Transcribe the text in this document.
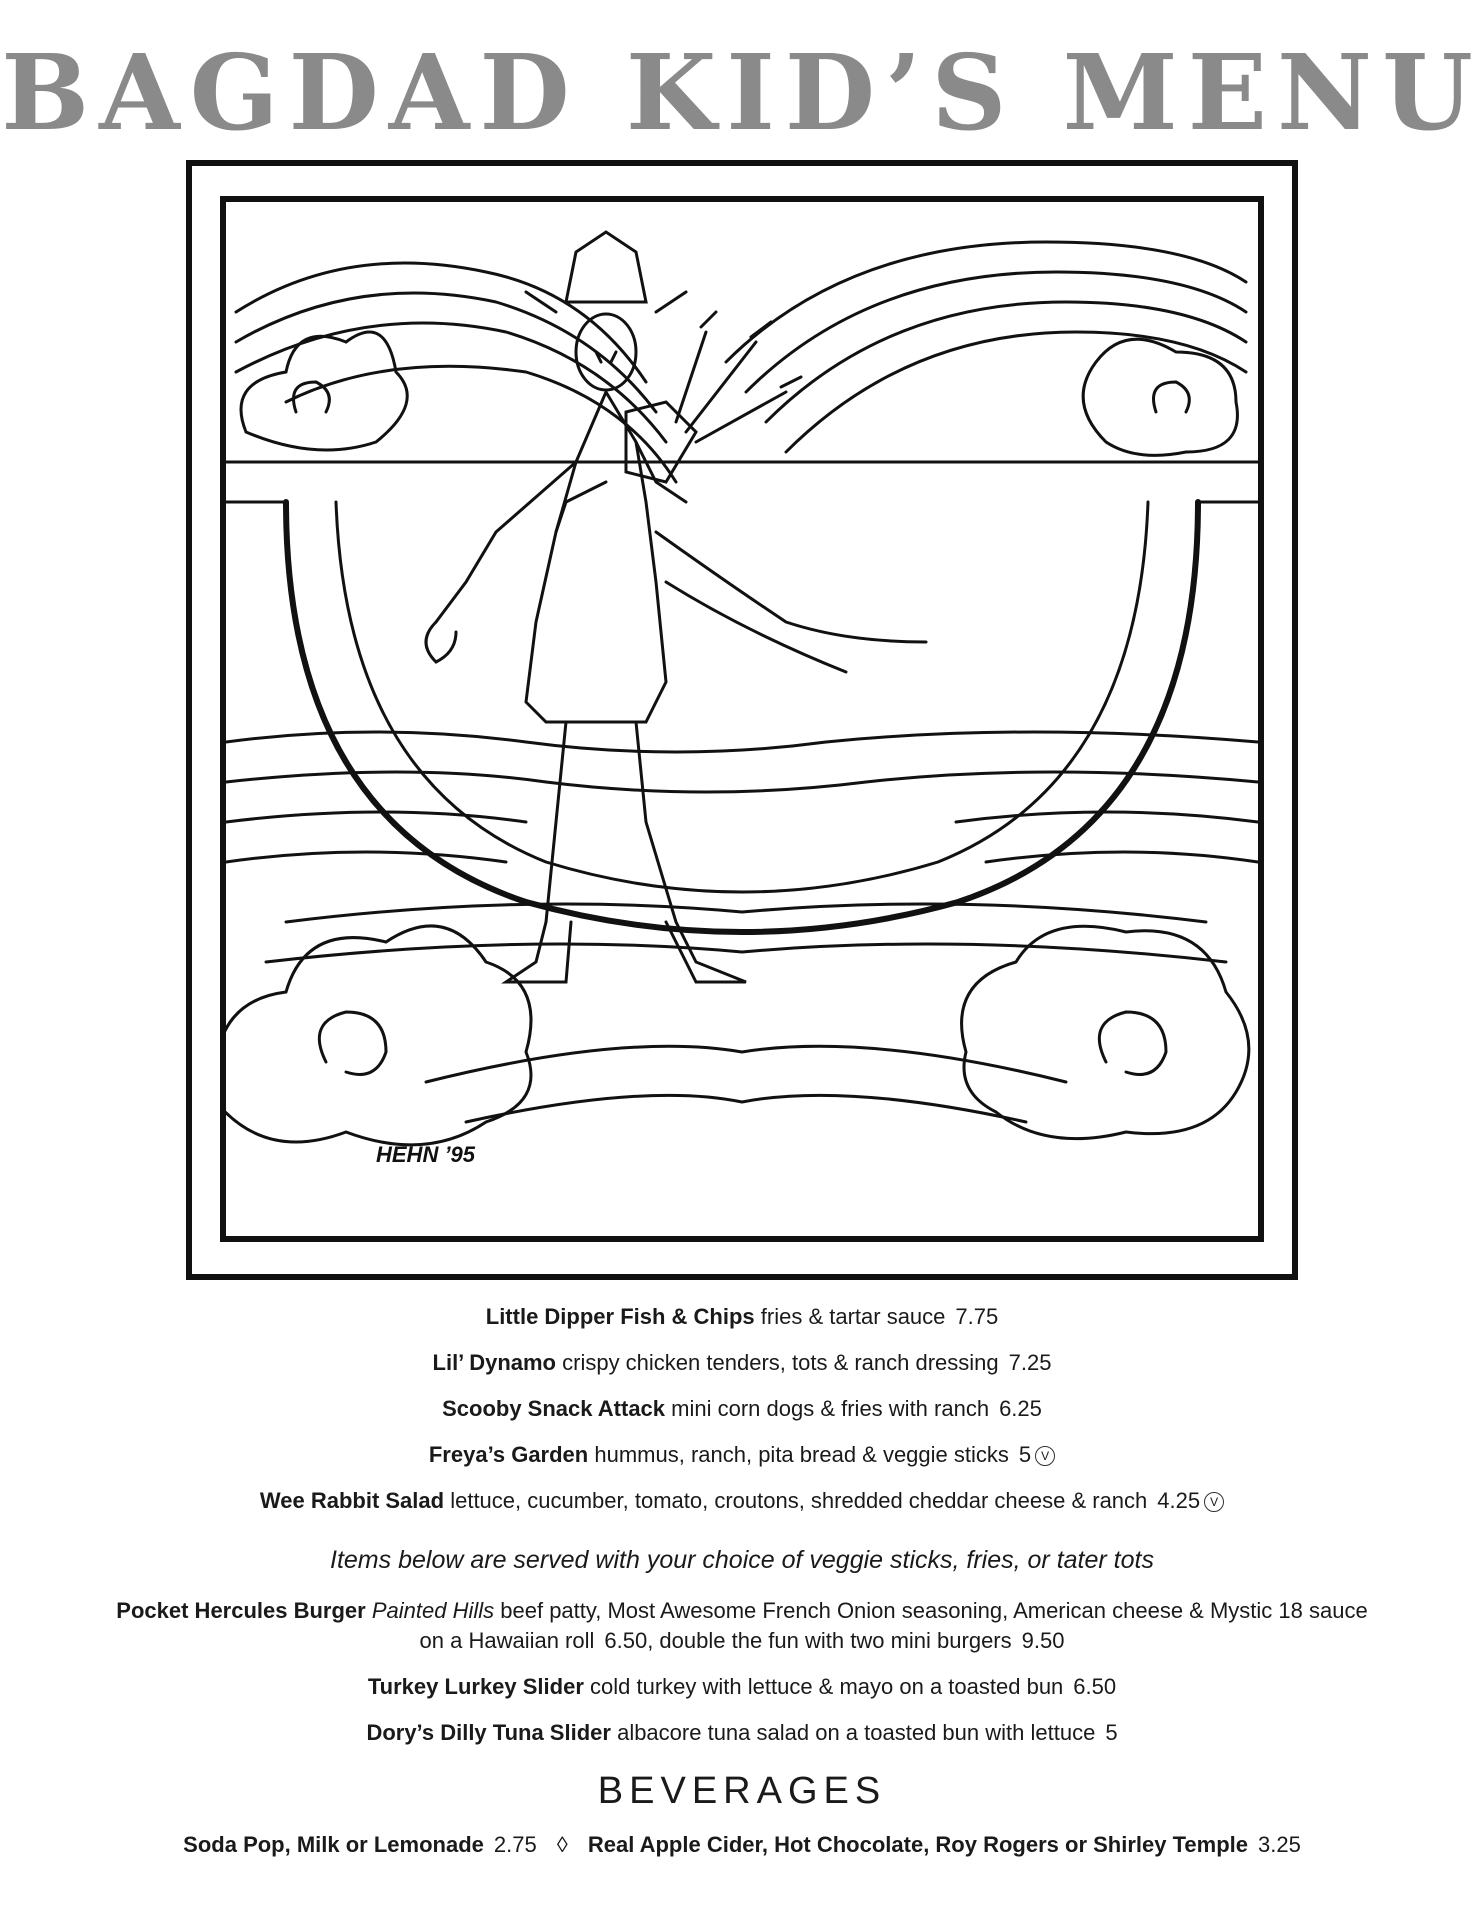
BAGDAD KID’S MENU
HEHN ’95
Little Dipper Fish & Chips fries & tartar sauce 7.75
Lil’ Dynamo crispy chicken tenders, tots & ranch dressing 7.25
Scooby Snack Attack mini corn dogs & fries with ranch 6.25
Freya’s Garden hummus, ranch, pita bread & veggie sticks 5 V
Wee Rabbit Salad lettuce, cucumber, tomato, croutons, shredded cheddar cheese & ranch 4.25 V
Items below are served with your choice of veggie sticks, fries, or tater tots
Pocket Hercules Burger Painted Hills beef patty, Most Awesome French Onion seasoning, American cheese & Mystic 18 sauce
on a Hawaiian roll 6.50, double the fun with two mini burgers 9.50
Turkey Lurkey Slider cold turkey with lettuce & mayo on a toasted bun 6.50
Dory’s Dilly Tuna Slider albacore tuna salad on a toasted bun with lettuce 5
BEVERAGES
Soda Pop, Milk or Lemonade 2.75 ◊ Real Apple Cider, Hot Chocolate, Roy Rogers or Shirley Temple 3.25
